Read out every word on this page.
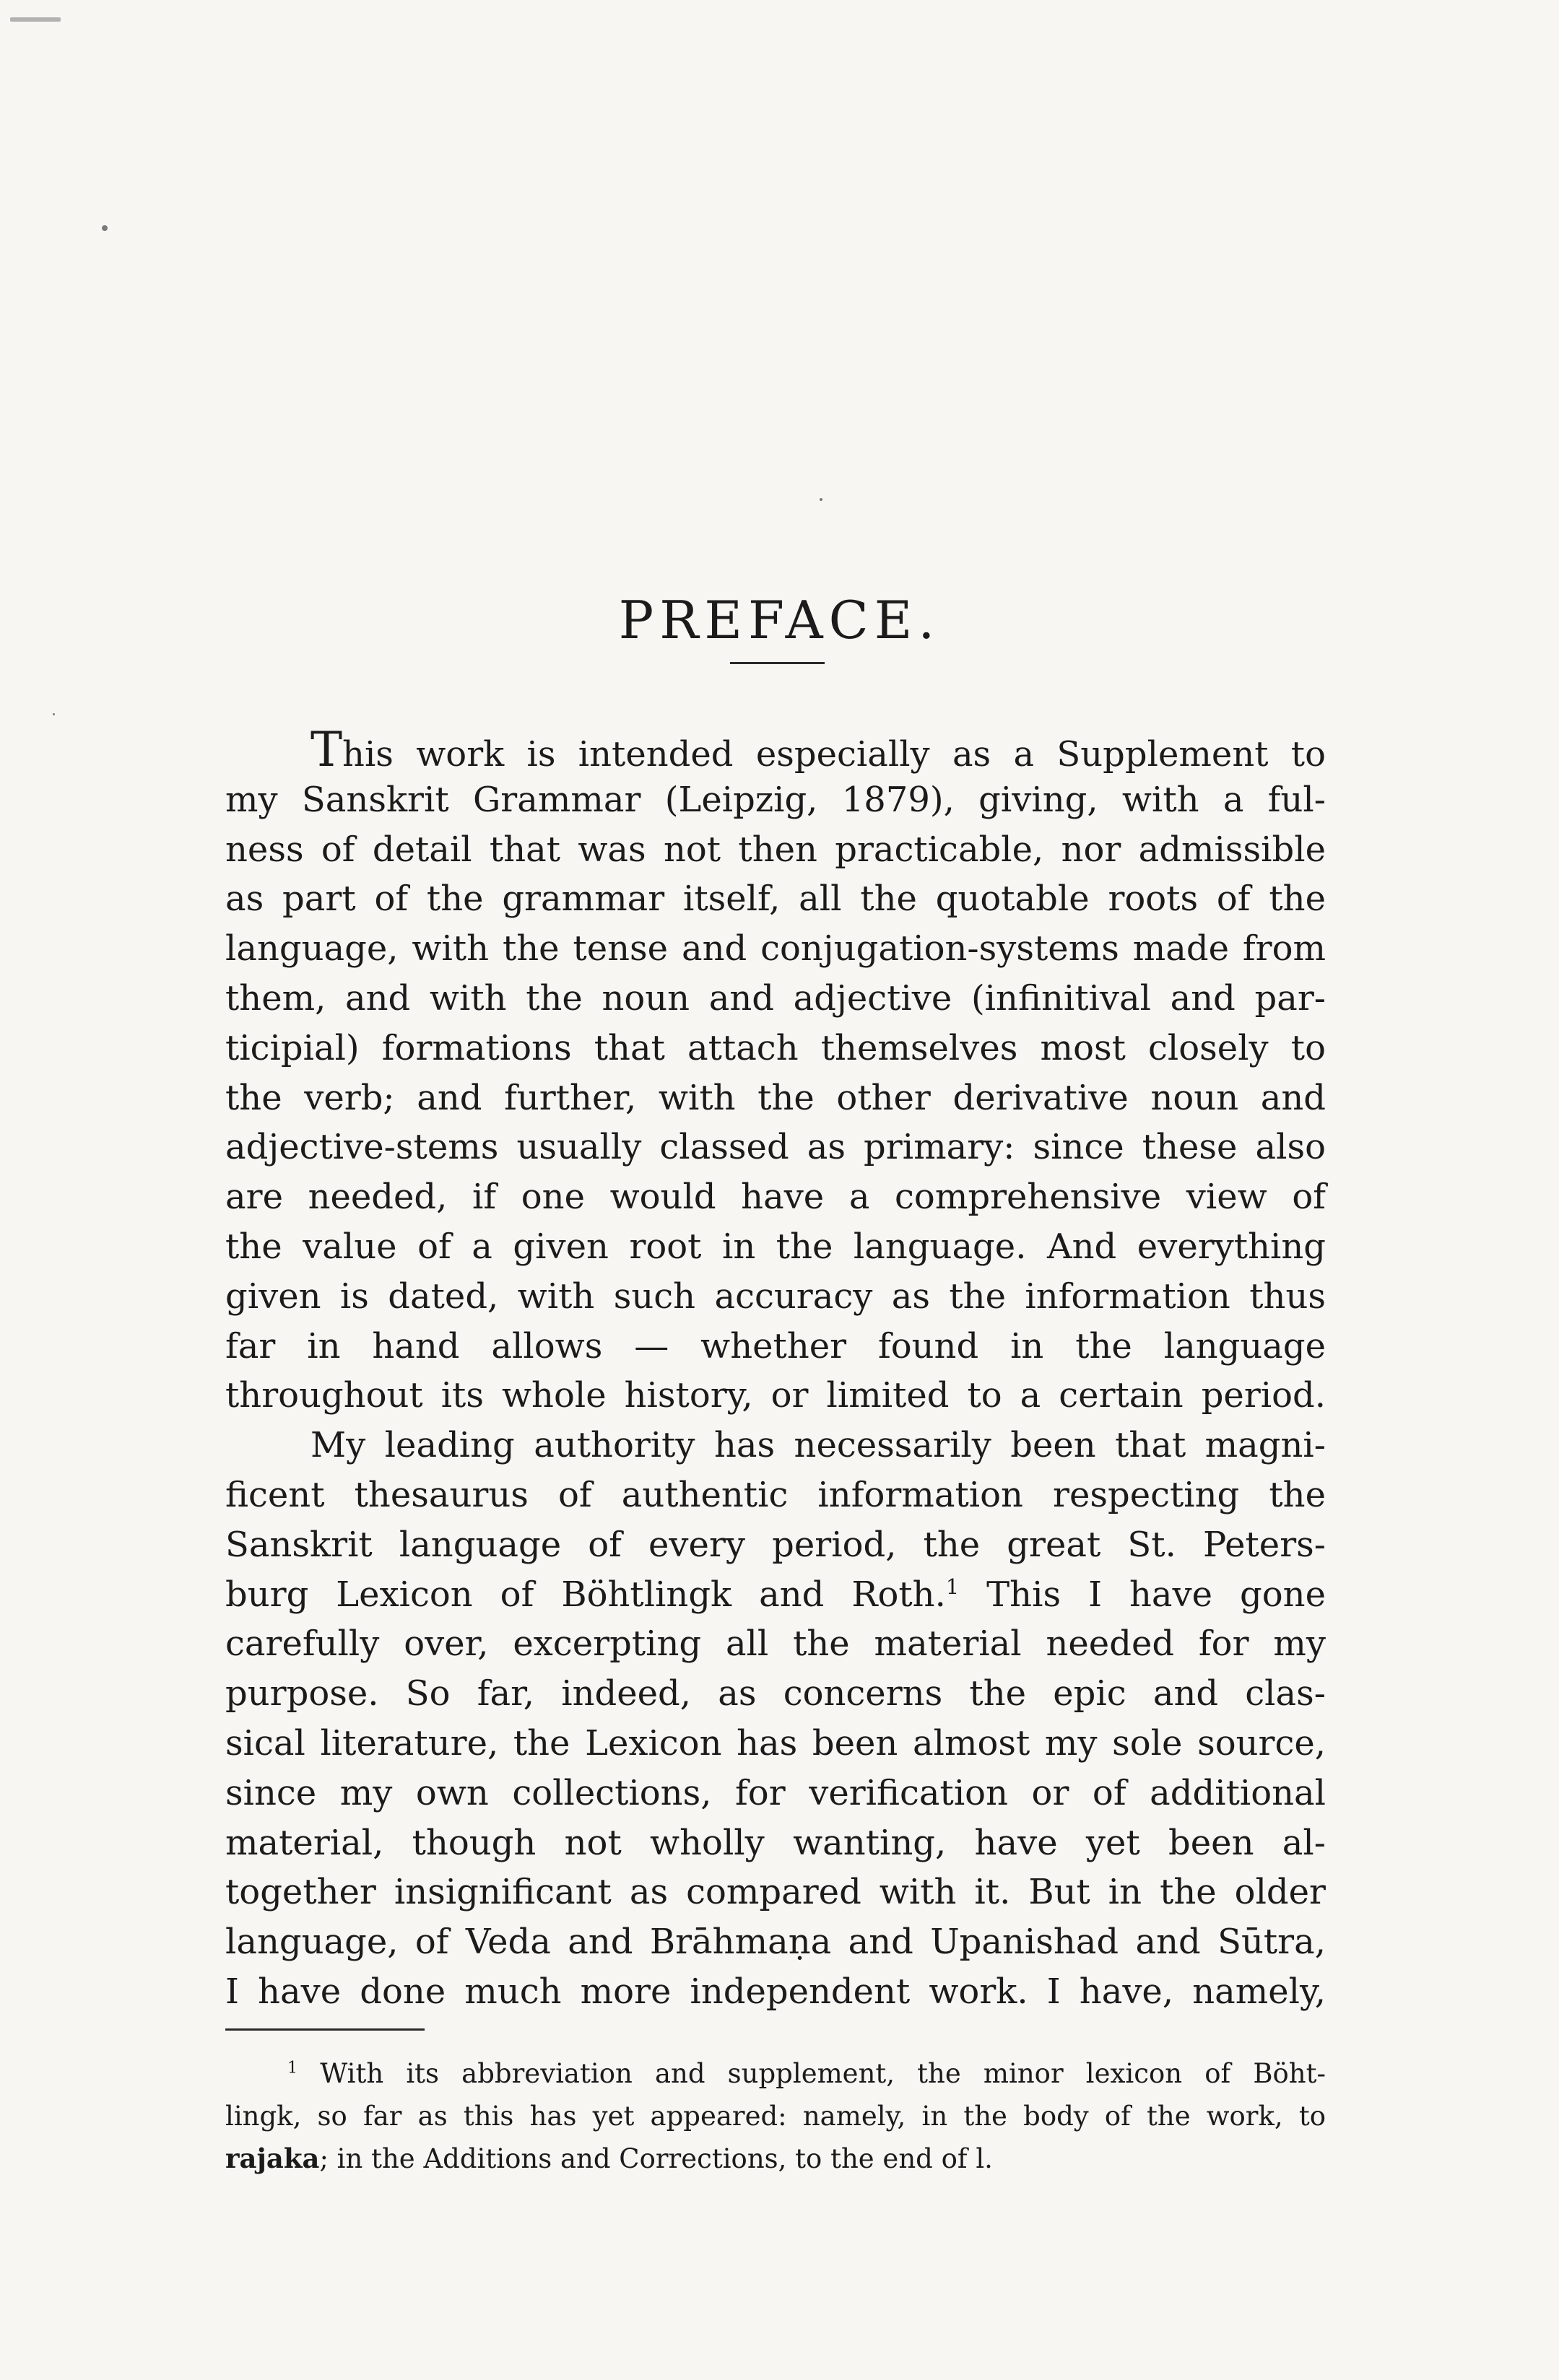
PREFACE.
This work is intended especially as a Supplement to
my Sanskrit Grammar (Leipzig, 1879), giving, with a ful-
ness of detail that was not then practicable, nor admissible
as part of the grammar itself, all the quotable roots of the
language, with the tense and conjugation-systems made from
them, and with the noun and adjective (infinitival and par-
ticipial) formations that attach themselves most closely to
the verb; and further, with the other derivative noun and
adjective-stems usually classed as primary: since these also
are needed, if one would have a comprehensive view of
the value of a given root in the language. And everything
given is dated, with such accuracy as the information thus
far in hand allows — whether found in the language
throughout its whole history, or limited to a certain period.
My leading authority has necessarily been that magni-
ficent thesaurus of authentic information respecting the
Sanskrit language of every period, the great St. Peters-
burg Lexicon of Böhtlingk and Roth.$^1$ This I have gone
carefully over, excerpting all the material needed for my
purpose. So far, indeed, as concerns the epic and clas-
sical literature, the Lexicon has been almost my sole source,
since my own collections, for verification or of additional
material, though not wholly wanting, have yet been al-
together insignificant as compared with it. But in the older
language, of Veda and Brāhmaṇa and Upanishad and Sūtra,
I have done much more independent work. I have, namely,
$^1$ With its abbreviation and supplement, the minor lexicon of Böht-
lingk, so far as this has yet appeared: namely, in the body of the work, to
rajaka; in the Additions and Corrections, to the end of l.
